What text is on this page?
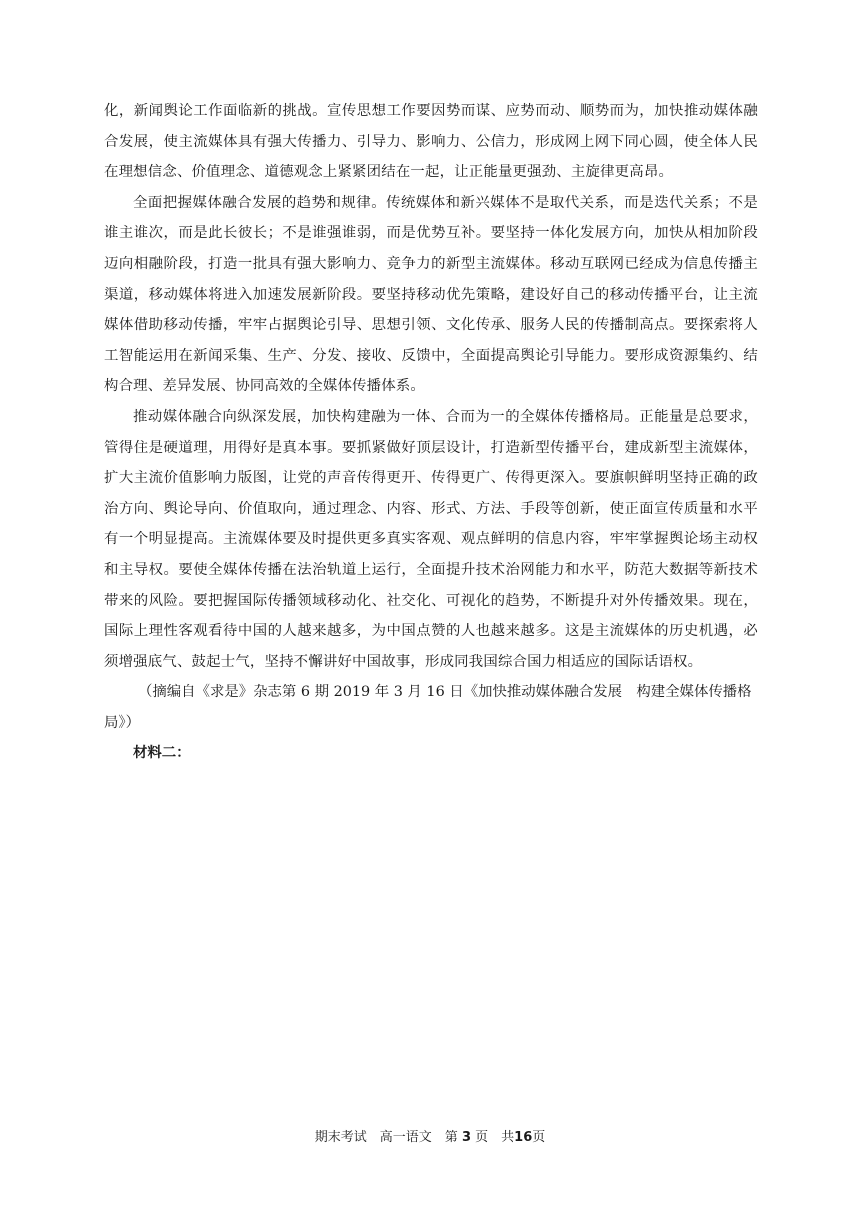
化，新闻舆论工作面临新的挑战。宣传思想工作要因势而谋、应势而动、顺势而为，加快推动媒体融合发展，使主流媒体具有强大传播力、引导力、影响力、公信力，形成网上网下同心圆，使全体人民在理想信念、价值理念、道德观念上紧紧团结在一起，让正能量更强劲、主旋律更高昂。

全面把握媒体融合发展的趋势和规律。传统媒体和新兴媒体不是取代关系，而是迭代关系；不是谁主谁次，而是此长彼长；不是谁强谁弱，而是优势互补。要坚持一体化发展方向，加快从相加阶段迈向相融阶段，打造一批具有强大影响力、竞争力的新型主流媒体。移动互联网已经成为信息传播主渠道，移动媒体将进入加速发展新阶段。要坚持移动优先策略，建设好自己的移动传播平台，让主流媒体借助移动传播，牢牢占据舆论引导、思想引领、文化传承、服务人民的传播制高点。要探索将人工智能运用在新闻采集、生产、分发、接收、反馈中，全面提高舆论引导能力。要形成资源集约、结构合理、差异发展、协同高效的全媒体传播体系。

推动媒体融合向纵深发展，加快构建融为一体、合而为一的全媒体传播格局。正能量是总要求，管得住是硬道理，用得好是真本事。要抓紧做好顶层设计，打造新型传播平台，建成新型主流媒体，扩大主流价值影响力版图，让党的声音传得更开、传得更广、传得更深入。要旗帜鲜明坚持正确的政治方向、舆论导向、价值取向，通过理念、内容、形式、方法、手段等创新，使正面宣传质量和水平有一个明显提高。主流媒体要及时提供更多真实客观、观点鲜明的信息内容，牢牢掌握舆论场主动权和主导权。要使全媒体传播在法治轨道上运行，全面提升技术治网能力和水平，防范大数据等新技术带来的风险。要把握国际传播领域移动化、社交化、可视化的趋势，不断提升对外传播效果。现在，国际上理性客观看待中国的人越来越多，为中国点赞的人也越来越多。这是主流媒体的历史机遇，必须增强底气、鼓起士气，坚持不懈讲好中国故事，形成同我国综合国力相适应的国际话语权。

（摘编自《求是》杂志第 6 期 2019 年 3 月 16 日《加快推动媒体融合发展　构建全媒体传播格局》）

材料二：

期末考试　 高一语文　 第 3 页　 共16页
